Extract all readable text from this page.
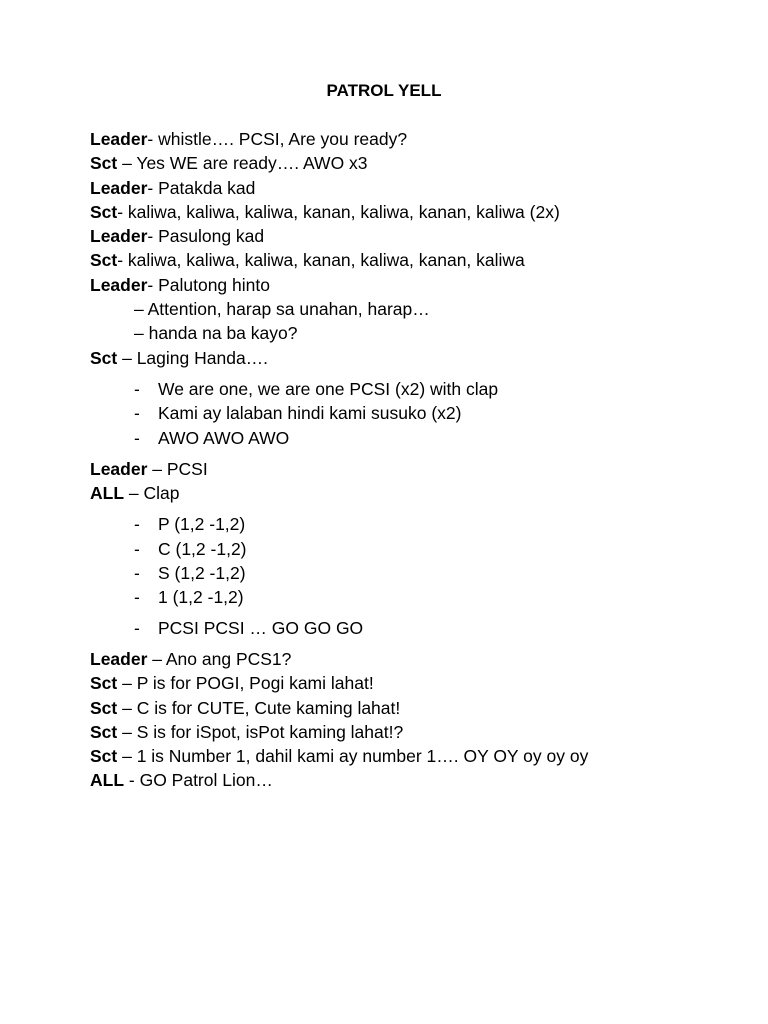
PATROL YELL
Leader- whistle…. PCSI, Are you ready?
Sct – Yes WE are ready…. AWO x3
Leader- Patakda kad
Sct- kaliwa, kaliwa, kaliwa, kanan, kaliwa, kanan, kaliwa (2x)
Leader- Pasulong kad
Sct- kaliwa, kaliwa, kaliwa, kanan, kaliwa, kanan, kaliwa
Leader- Palutong hinto
– Attention, harap sa unahan, harap…
– handa na ba kayo?
Sct – Laging Handa….
- We are one, we are one PCSI (x2) with clap
- Kami ay lalaban hindi kami susuko (x2)
- AWO AWO AWO
Leader – PCSI
ALL – Clap
- P (1,2 -1,2)
- C (1,2 -1,2)
- S (1,2 -1,2)
- 1 (1,2 -1,2)
- PCSI PCSI … GO GO GO
Leader – Ano ang PCS1?
Sct – P is for POGI, Pogi kami lahat!
Sct – C is for CUTE, Cute kaming lahat!
Sct – S is for iSpot, isPot kaming lahat!?
Sct – 1 is Number 1, dahil kami ay number 1…. OY OY oy oy oy
ALL - GO Patrol Lion…
